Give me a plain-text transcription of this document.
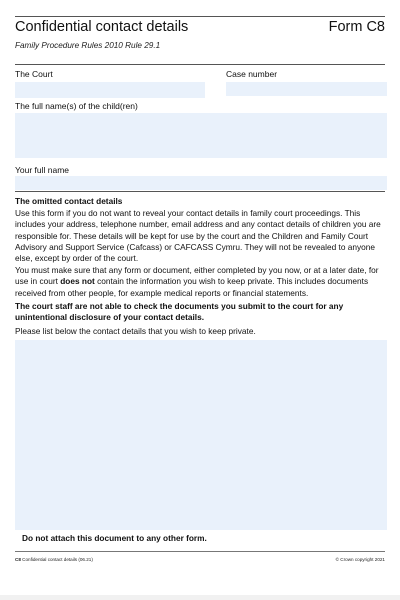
Confidential contact details	Form C8
Family Procedure Rules 2010 Rule 29.1
The Court	Case number
The full name(s) of the child(ren)
Your full name
The omitted contact details

Use this form if you do not want to reveal your contact details in family court proceedings. This includes your address, telephone number, email address and any contact details of children you are responsible for. These details will be kept for use by the court and the Children and Family Court Advisory and Support Service (Cafcass) or CAFCASS Cymru. They will not be revealed to anyone else, except by order of the court.

You must make sure that any form or document, either completed by you now, or at a later date, for use in court does not contain the information you wish to keep private. This includes documents received from other people, for example medical reports or financial statements.

The court staff are not able to check the documents you submit to the court for any unintentional disclosure of your contact details.

Please list below the contact details that you wish to keep private.

Do not attach this document to any other form.
C8 Confidential contact details (06.21)	© Crown copyright 2021
